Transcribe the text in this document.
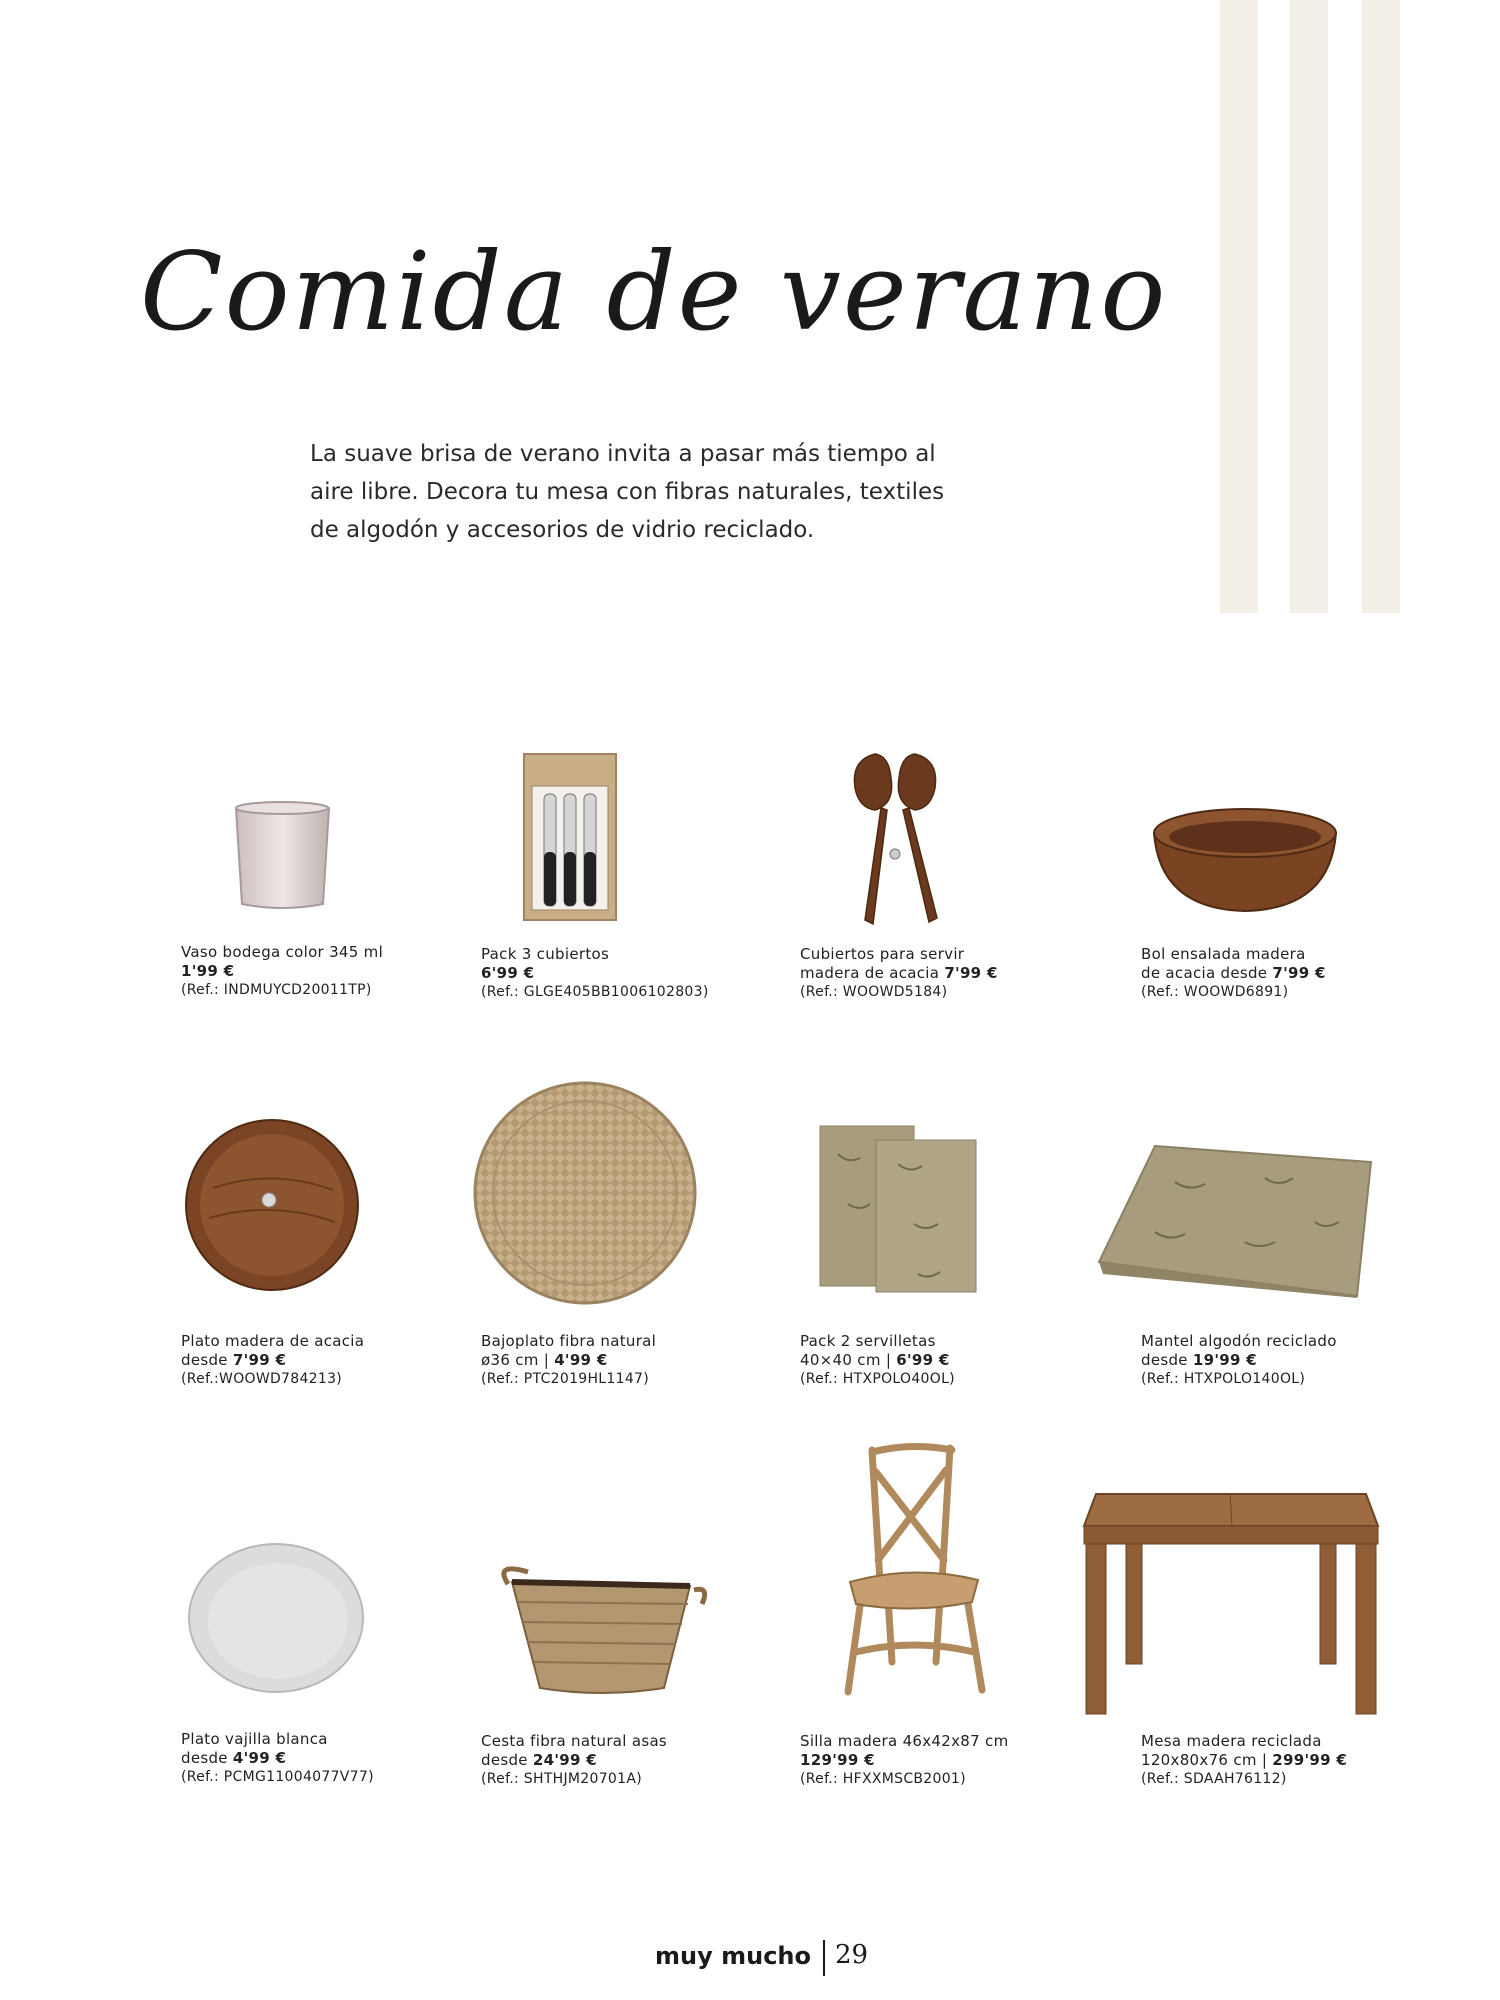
Comida de verano

La suave brisa de verano invita a pasar más tiempo al
aire libre. Decora tu mesa con fibras naturales, textiles
de algodón y accesorios de vidrio reciclado.

Vaso bodega color 345 ml
1'99 €
(Ref.: INDMUYCD20011TP)
Pack 3 cubiertos
6'99 €
(Ref.: GLGE405BB1006102803)
Cubiertos para servir
madera de acacia 7'99 €
(Ref.: WOOWD5184)
Bol ensalada madera
de acacia desde 7'99 €
(Ref.: WOOWD6891)
Plato madera de acacia
desde 7'99 €
(Ref.:WOOWD784213)
Bajoplato fibra natural
ø36 cm | 4'99 €
(Ref.: PTC2019HL1147)
Pack 2 servilletas
40×40 cm | 6'99 €
(Ref.: HTXPOLO40OL)
Mantel algodón reciclado
desde 19'99 €
(Ref.: HTXPOLO140OL)
Plato vajilla blanca
desde 4'99 €
(Ref.: PCMG11004077V77)
Cesta fibra natural asas
desde 24'99 €
(Ref.: SHTHJM20701A)
Silla madera 46x42x87 cm
129'99 €
(Ref.: HFXXMSCB2001)
Mesa madera reciclada
120x80x76 cm | 299'99 €
(Ref.: SDAAH76112)
muy mucho 29
